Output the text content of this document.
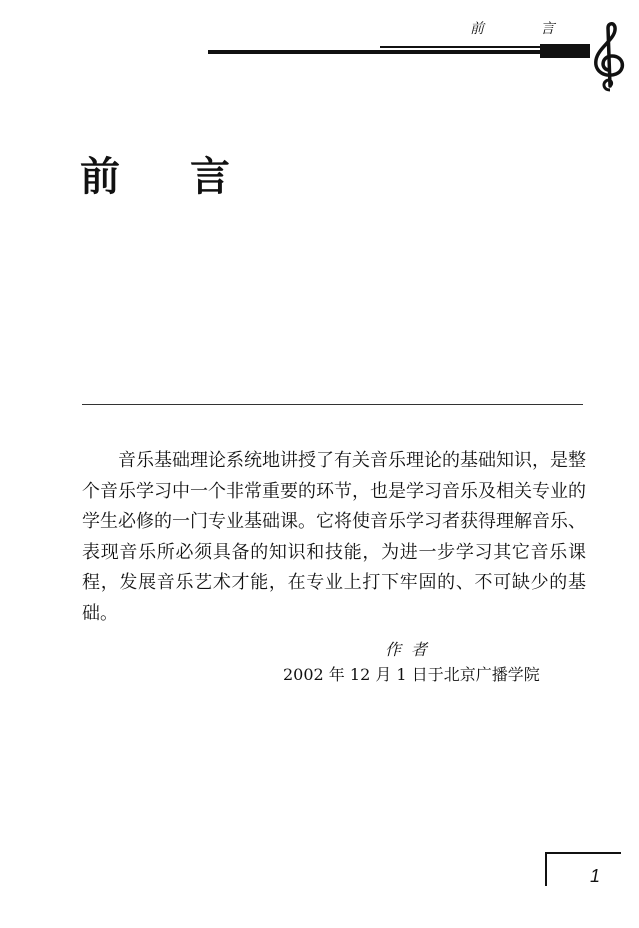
前 言
前言

音乐基础理论系统地讲授了有关音乐理论的基础知识，是整个音乐学习中一个非常重要的环节，也是学习音乐及相关专业的学生必修的一门专业基础课。它将使音乐学习者获得理解音乐、表现音乐所必须具备的知识和技能，为进一步学习其它音乐课程，发展音乐艺术才能，在专业上打下牢固的、不可缺少的基础。

作者
2002 年 12 月 1 日于北京广播学院
1
